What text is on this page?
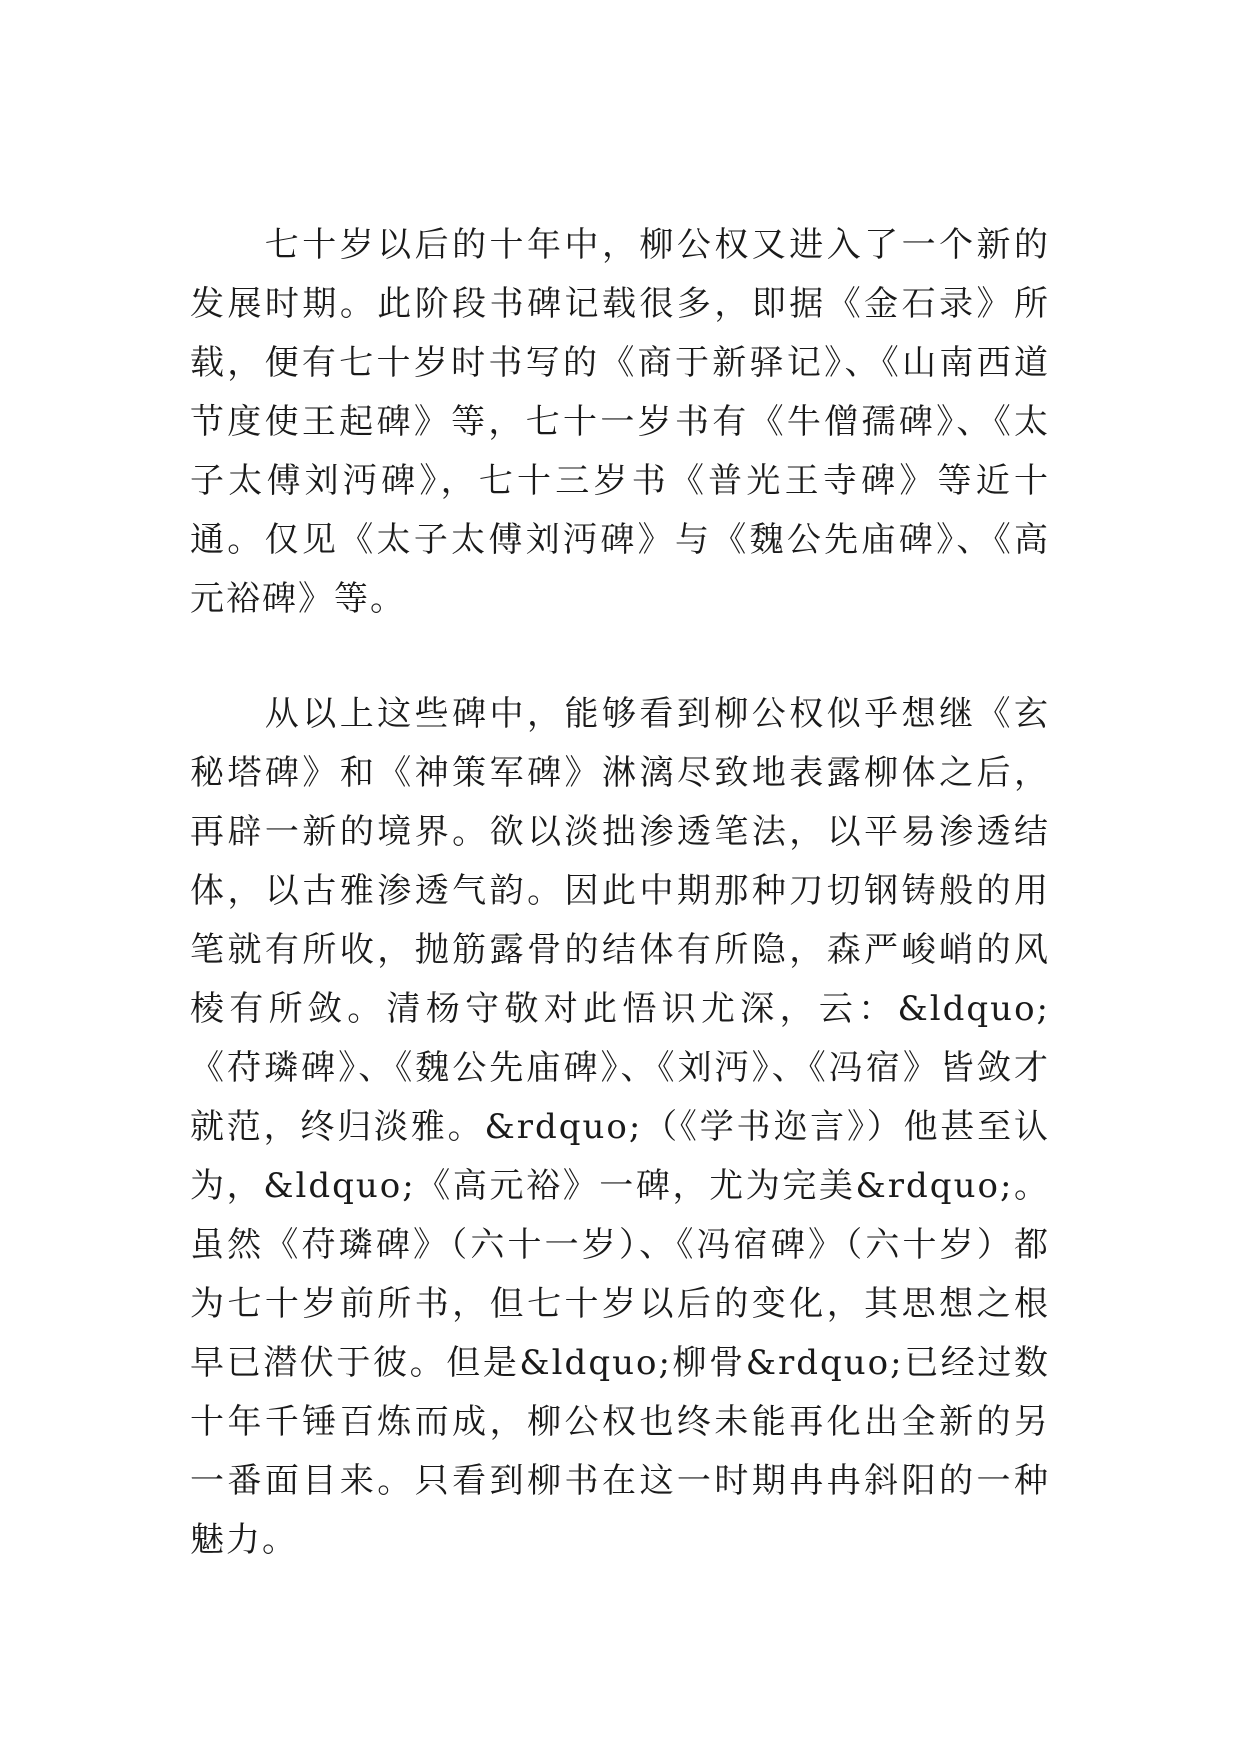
七十岁以后的十年中，柳公权又进入了一个新的发展时期。此阶段书碑记载很多，即据《金石录》所载，便有七十岁时书写的《商于新驿记》、《山南西道节度使王起碑》等，七十一岁书有《牛僧孺碑》、《太子太傅刘沔碑》，七十三岁书《普光王寺碑》等近十通。仅见《太子太傅刘沔碑》与《魏公先庙碑》、《高元裕碑》等。

从以上这些碑中，能够看到柳公权似乎想继《玄秘塔碑》和《神策军碑》淋漓尽致地表露柳体之后，再辟一新的境界。欲以淡拙渗透笔法，以平易渗透结体，以古雅渗透气韵。因此中期那种刀切钢铸般的用笔就有所收，抛筋露骨的结体有所隐，森严峻峭的风棱有所敛。清杨守敬对此悟识尤深，云：&ldquo;《苻璘碑》、《魏公先庙碑》、《刘沔》、《冯宿》皆敛才就范，终归淡雅。&rdquo;（《学书迩言》）他甚至认为，&ldquo;《高元裕》一碑，尤为完美&rdquo;。虽然《苻璘碑》（六十一岁）、《冯宿碑》（六十岁）都为七十岁前所书，但七十岁以后的变化，其思想之根早已潜伏于彼。但是&ldquo;柳骨&rdquo;已经过数十年千锤百炼而成，柳公权也终未能再化出全新的另一番面目来。只看到柳书在这一时期冉冉斜阳的一种魅力。
